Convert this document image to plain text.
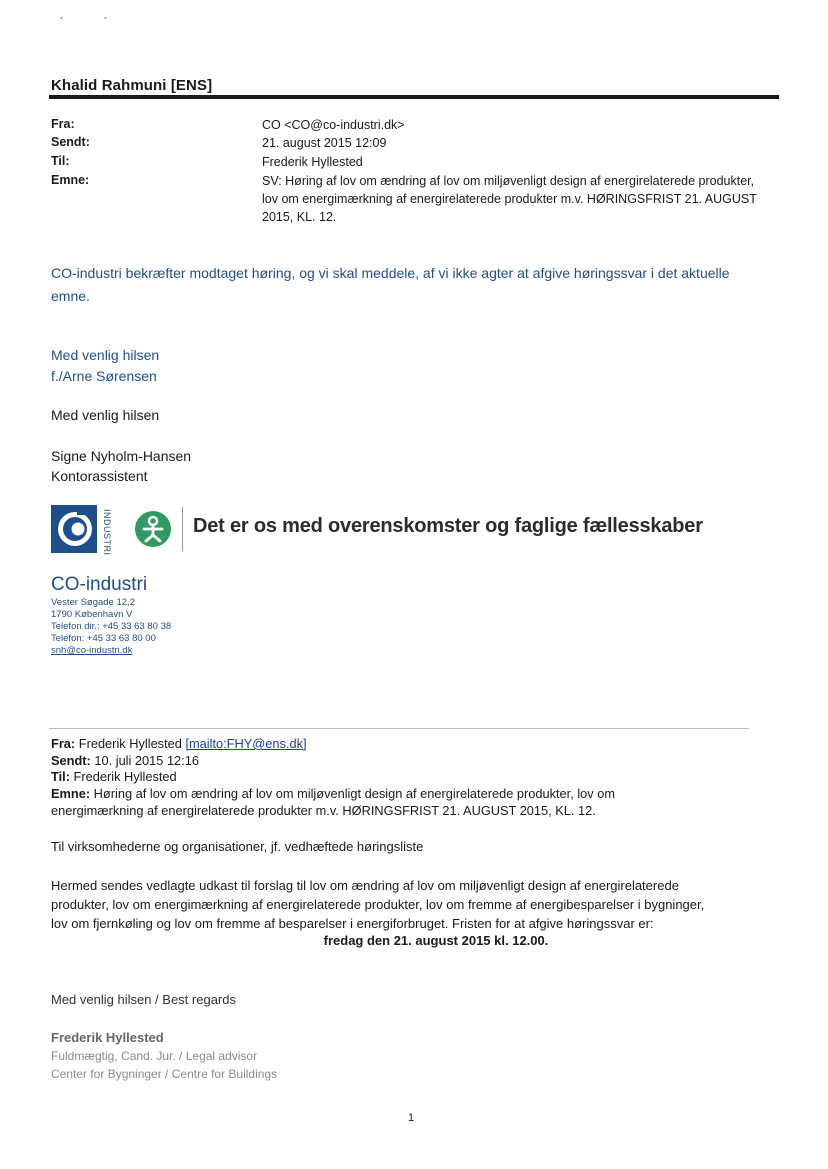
Khalid Rahmuni [ENS]
Fra:	CO <CO@co-industri.dk>
Sendt:	21. august 2015 12:09
Til:	Frederik Hyllested
Emne:	SV: Høring af lov om ændring af lov om miljøvenligt design af energirelaterede produkter, lov om energimærkning af energirelaterede produkter m.v. HØRINGSFRIST 21. AUGUST 2015, KL. 12.
CO-industri bekræfter modtaget høring, og vi skal meddele, af vi ikke agter at afgive høringssvar i det aktuelle emne.
Med venlig hilsen
f./Arne Sørensen
Med venlig hilsen
Signe Nyholm-Hansen
Kontorassistent
INDUSTRI	Det er os med overenskomster og faglige fællesskaber
CO-industri
Vester Søgade 12,2
1790 København V
Telefon dir.: +45 33 63 80 38
Telefon: +45 33 63 80 00
snh@co-industri.dk
Fra: Frederik Hyllested [mailto:FHY@ens.dk]
Sendt: 10. juli 2015 12:16
Til: Frederik Hyllested
Emne: Høring af lov om ændring af lov om miljøvenligt design af energirelaterede produkter, lov om
energimærkning af energirelaterede produkter m.v. HØRINGSFRIST 21. AUGUST 2015, KL. 12.
Til virksomhederne og organisationer, jf. vedhæftede høringsliste
Hermed sendes vedlagte udkast til forslag til lov om ændring af lov om miljøvenligt design af energirelaterede
produkter, lov om energimærkning af energirelaterede produkter, lov om fremme af energibesparelser i bygninger,
lov om fjernkøling og lov om fremme af besparelser i energiforbruget. Fristen for at afgive høringssvar er:
fredag den 21. august 2015 kl. 12.00.
Med venlig hilsen / Best regards
Frederik Hyllested
Fuldmægtig, Cand. Jur. / Legal advisor
Center for Bygninger / Centre for Buildings
1
